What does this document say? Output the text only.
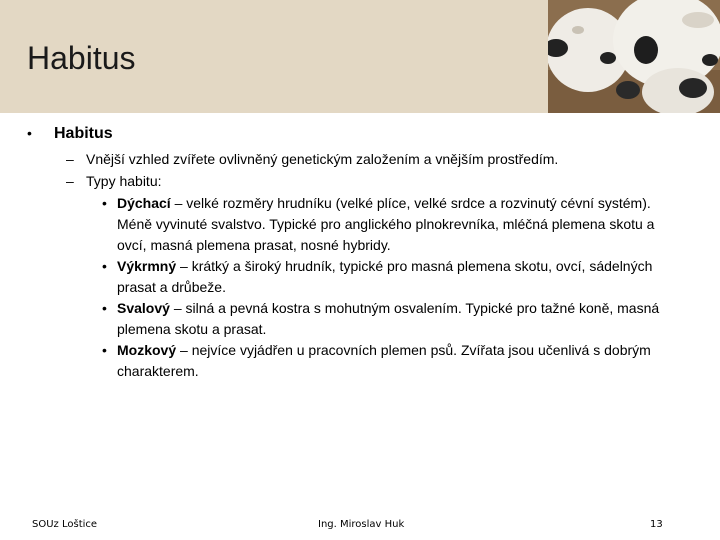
Habitus
• Habitus
– Vnější vzhled zvířete ovlivněný genetickým založením a vnějším prostředím.
– Typy habitu:
• Dýchací – velké rozměry hrudníku (velké plíce, velké srdce a rozvinutý cévní systém). Méně vyvinuté svalstvo. Typické pro anglického plnokrevníka, mléčná plemena skotu a ovcí, masná plemena prasat, nosné hybridy.
• Výkrmný – krátký a široký hrudník, typické pro masná plemena skotu, ovcí, sádelných prasat a drůbeže.
• Svalový – silná a pevná kostra s mohutným osvalením. Typické pro tažné koně, masná plemena skotu a prasat.
• Mozkový – nejvíce vyjádřen u pracovních plemen psů. Zvířata jsou učenlivá s dobrým charakterem.
SOUz Loštice	Ing. Miroslav Huk	13
